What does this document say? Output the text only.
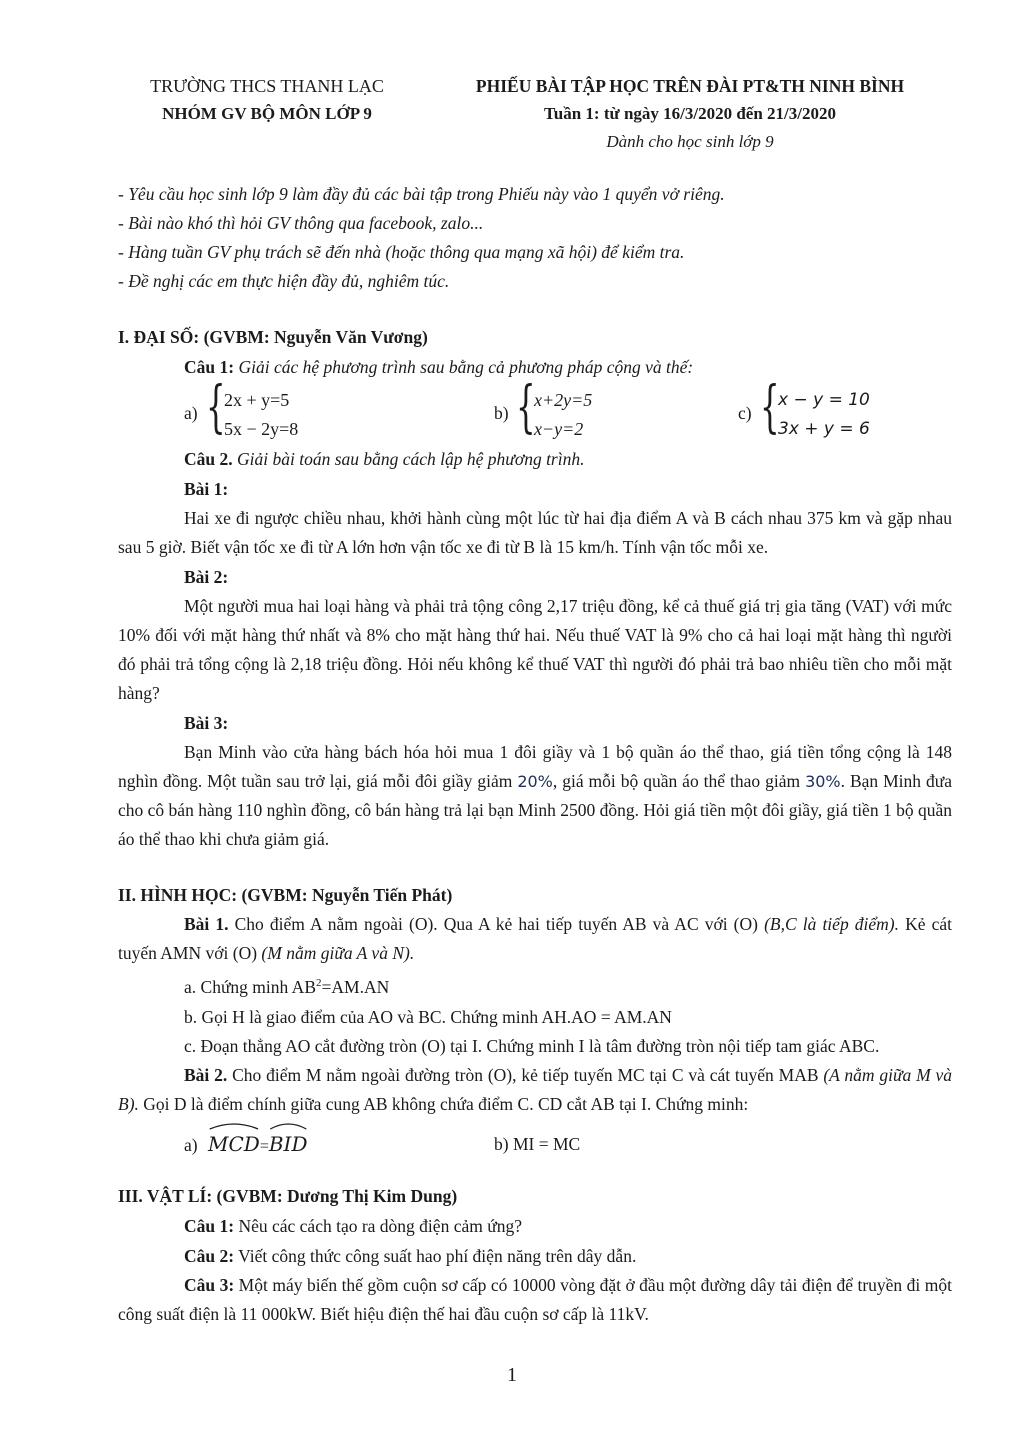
TRƯỜNG THCS THANH LẠC
NHÓM GV BỘ MÔN LỚP 9
PHIẾU BÀI TẬP HỌC TRÊN ĐÀI PT&TH NINH BÌNH
Tuần 1: từ ngày 16/3/2020 đến 21/3/2020
Dành cho học sinh lớp 9

- Yêu cầu học sinh lớp 9 làm đầy đủ các bài tập trong Phiếu này vào 1 quyển vở riêng.

- Bài nào khó thì hỏi GV thông qua facebook, zalo...

- Hàng tuần GV phụ trách sẽ đến nhà (hoặc thông qua mạng xã hội) để kiểm tra.

- Đề nghị các em thực hiện đầy đủ, nghiêm túc.

I. ĐẠI SỐ: (GVBM: Nguyễn Văn Vương)

Câu 1: Giải các hệ phương trình sau bằng cả phương pháp cộng và thế:

a) {
2x + y=5
5x − 2y=8
b) {
x+2y=5
x−y=2
c) {
x − y = 10
3x + y = 6

Câu 2. Giải bài toán sau bằng cách lập hệ phương trình.

Bài 1:

Hai xe đi ngược chiều nhau, khởi hành cùng một lúc từ hai địa điểm A và B cách nhau 375 km và gặp nhau sau 5 giờ. Biết vận tốc xe đi từ A lớn hơn vận tốc xe đi từ B là 15 km/h. Tính vận tốc mỗi xe.

Bài 2:

Một người mua hai loại hàng và phải trả tộng công 2,17 triệu đồng, kể cả thuế giá trị gia tăng (VAT) với mức 10% đối với mặt hàng thứ nhất và 8% cho mặt hàng thứ hai. Nếu thuế VAT là 9% cho cả hai loại mặt hàng thì người đó phải trả tổng cộng là 2,18 triệu đồng. Hỏi nếu không kể thuế VAT thì người đó phải trả bao nhiêu tiền cho mỗi mặt hàng?

Bài 3:

Bạn Minh vào cửa hàng bách hóa hỏi mua 1 đôi giầy và 1 bộ quần áo thể thao, giá tiền tổng cộng là 148 nghìn đồng. Một tuần sau trở lại, giá mỗi đôi giầy giảm 20%, giá mỗi bộ quần áo thể thao giảm 30%. Bạn Minh đưa cho cô bán hàng 110 nghìn đồng, cô bán hàng trả lại bạn Minh 2500 đồng. Hỏi giá tiền một đôi giầy, giá tiền 1 bộ quần áo thể thao khi chưa giảm giá.

II. HÌNH HỌC: (GVBM: Nguyễn Tiến Phát)

Bài 1. Cho điểm A nằm ngoài (O). Qua A kẻ hai tiếp tuyến AB và AC với (O) (B,C là tiếp điểm). Kẻ cát tuyến AMN với (O) (M nằm giữa A và N).

a. Chứng minh $AB^2=AM.AN$

b. Gọi H là giao điểm của AO và BC. Chứng minh AH.AO = AM.AN

c. Đoạn thẳng AO cắt đường tròn (O) tại I. Chứng minh I là tâm đường tròn nội tiếp tam giác ABC.

Bài 2. Cho điểm M nằm ngoài đường tròn (O), kẻ tiếp tuyến MC tại C và cát tuyến MAB (A nằm giữa M và B). Gọi D là điểm chính giữa cung AB không chứa điểm C. CD cắt AB tại I. Chứng minh:

a) MCD=
BID	b) MI = MC
III. VẬT LÍ: (GVBM: Dương Thị Kim Dung)

Câu 1: Nêu các cách tạo ra dòng điện cảm ứng?

Câu 2: Viết công thức công suất hao phí điện năng trên dây dẫn.

Câu 3: Một máy biến thế gồm cuộn sơ cấp có 10000 vòng đặt ở đầu một đường dây tải điện để truyền đi một công suất điện là 11 000kW. Biết hiệu điện thế hai đầu cuộn sơ cấp là 11kV.

1
